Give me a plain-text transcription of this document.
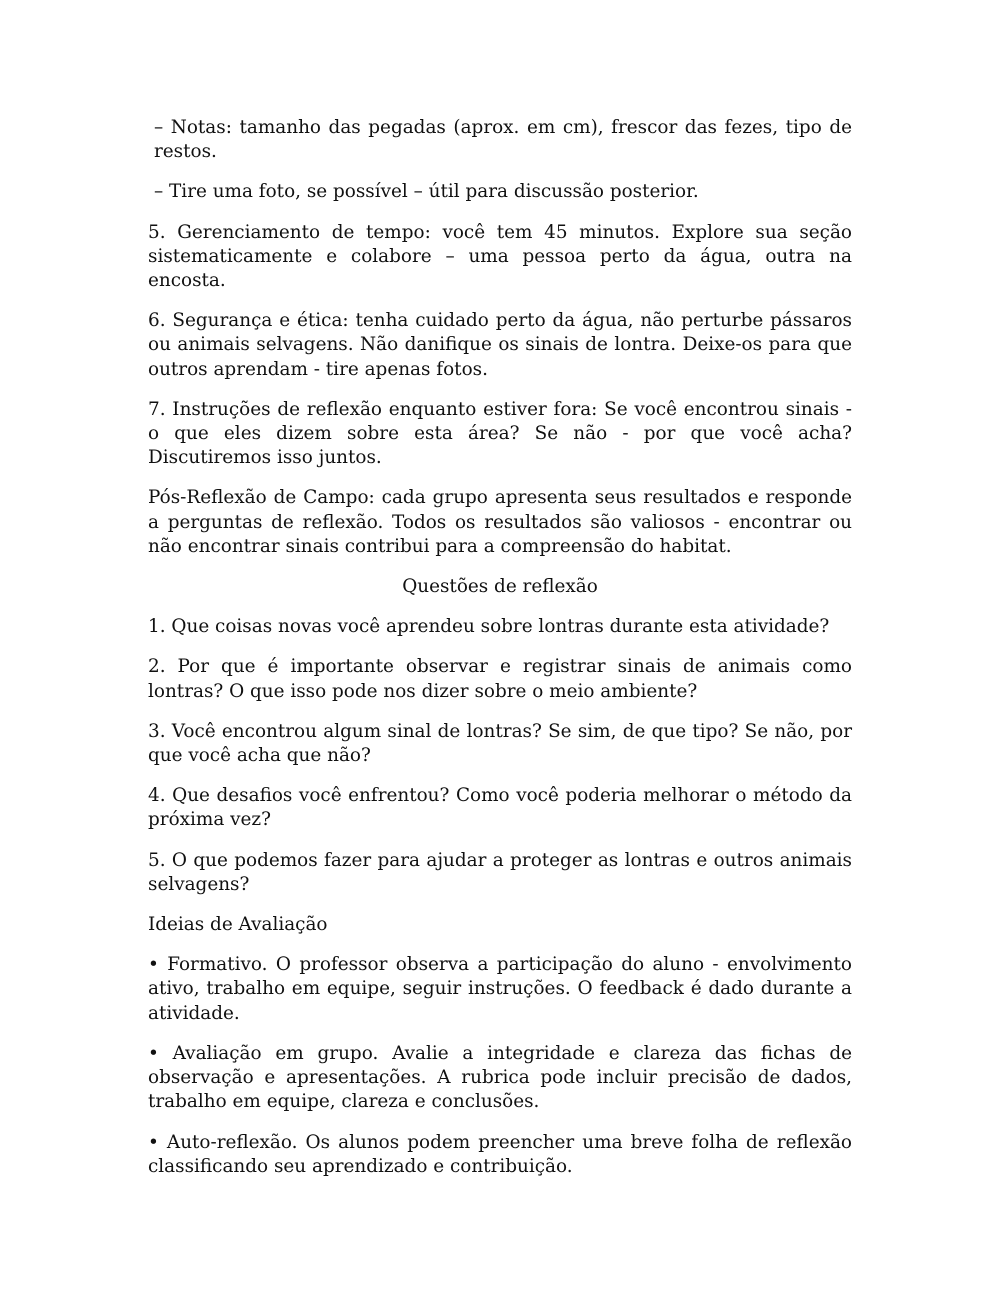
– Notas: tamanho das pegadas (aprox. em cm), frescor das fezes, tipo de restos.

– Tire uma foto, se possível – útil para discussão posterior.

5. Gerenciamento de tempo: você tem 45 minutos. Explore sua seção sistematicamente e colabore – uma pessoa perto da água, outra na encosta.

6. Segurança e ética: tenha cuidado perto da água, não perturbe pássaros ou animais selvagens. Não danifique os sinais de lontra. Deixe-os para que outros aprendam - tire apenas fotos.

7. Instruções de reflexão enquanto estiver fora: Se você encontrou sinais - o que eles dizem sobre esta área? Se não - por que você acha? Discutiremos isso juntos.

Pós-Reflexão de Campo: cada grupo apresenta seus resultados e responde a perguntas de reflexão. Todos os resultados são valiosos - encontrar ou não encontrar sinais contribui para a compreensão do habitat.

Questões de reflexão

1. Que coisas novas você aprendeu sobre lontras durante esta atividade?

2. Por que é importante observar e registrar sinais de animais como lontras? O que isso pode nos dizer sobre o meio ambiente?

3. Você encontrou algum sinal de lontras? Se sim, de que tipo? Se não, por que você acha que não?

4. Que desafios você enfrentou? Como você poderia melhorar o método da próxima vez?

5. O que podemos fazer para ajudar a proteger as lontras e outros animais selvagens?

Ideias de Avaliação

• Formativo. O professor observa a participação do aluno - envolvimento ativo, trabalho em equipe, seguir instruções. O feedback é dado durante a atividade.

• Avaliação em grupo. Avalie a integridade e clareza das fichas de observação e apresentações. A rubrica pode incluir precisão de dados, trabalho em equipe, clareza e conclusões.

• Auto-reflexão. Os alunos podem preencher uma breve folha de reflexão classificando seu aprendizado e contribuição.
